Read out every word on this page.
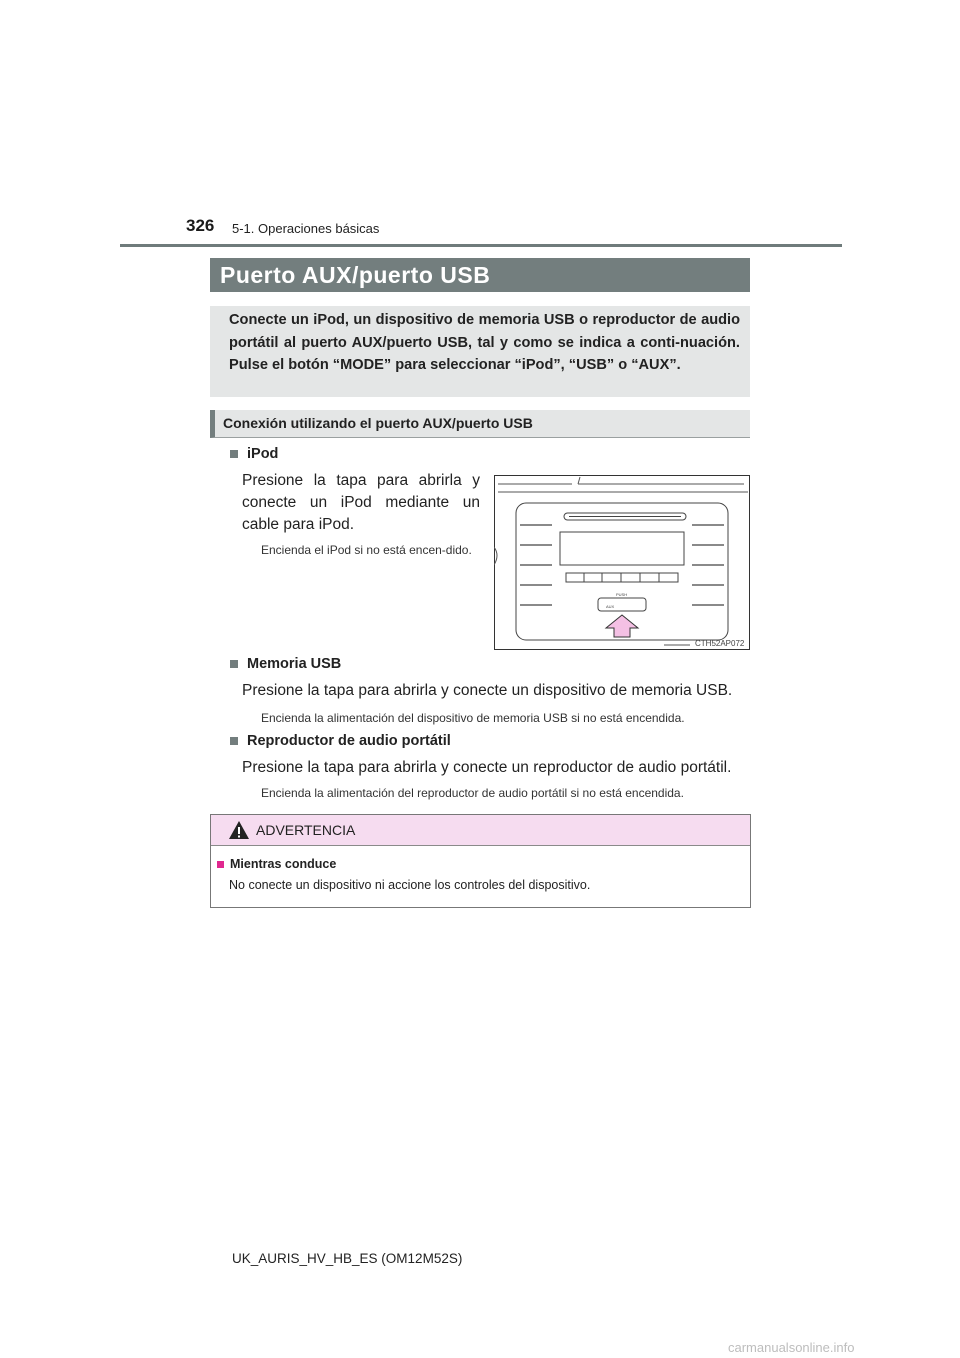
326 5-1. Operaciones básicas
Puerto AUX/puerto USB
Conecte un iPod, un dispositivo de memoria USB o reproductor de audio portátil al puerto AUX/puerto USB, tal y como se indica a conti-nuación. Pulse el botón “MODE” para seleccionar “iPod”, “USB” o “AUX”.
Conexión utilizando el puerto AUX/puerto USB
iPod
Presione la tapa para abrirla y conecte un iPod mediante un cable para iPod.
Encienda el iPod si no está encen-dido.
PUSH
AUX
CTH52AP072
Memoria USB
Presione la tapa para abrirla y conecte un dispositivo de memoria USB.
Encienda la alimentación del dispositivo de memoria USB si no está encendida.
Reproductor de audio portátil
Presione la tapa para abrirla y conecte un reproductor de audio portátil.
Encienda la alimentación del reproductor de audio portátil si no está encendida.
ADVERTENCIA
Mientras conduce
No conecte un dispositivo ni accione los controles del dispositivo.
UK_AURIS_HV_HB_ES (OM12M52S)
carmanualsonline.info
